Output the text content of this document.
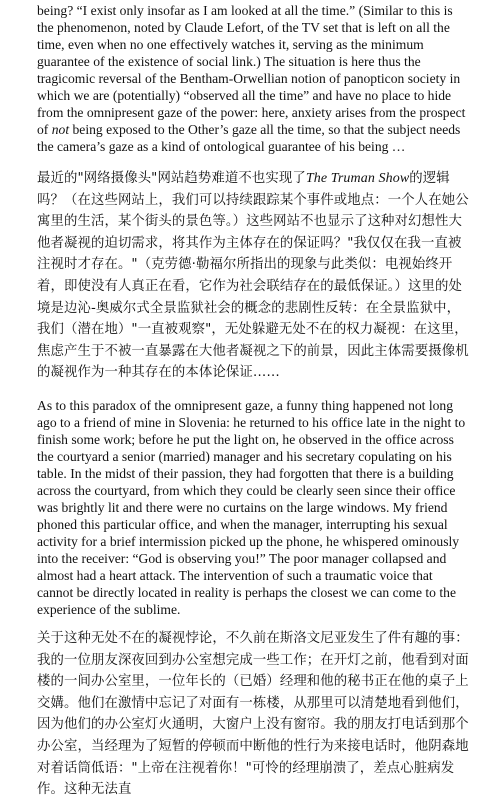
being? “I exist only insofar as I am looked at all the time.” (Similar to this is the phenomenon, noted by Claude Lefort, of the TV set that is left on all the time, even when no one effectively watches it, serving as the minimum guarantee of the existence of social link.) The situation is here thus the tragicomic reversal of the Bentham-Orwellian notion of panopticon society in which we are (potentially) “observed all the time” and have no place to hide from the omnipresent gaze of the power: here, anxiety arises from the prospect of not being exposed to the Other’s gaze all the time, so that the subject needs the camera’s gaze as a kind of ontological guarantee of his being …

最近的"网络摄像头"网站趋势难道不也实现了The Truman Show的逻辑吗？（在这些网站上，我们可以持续跟踪某个事件或地点：一个人在她公寓里的生活，某个街头的景色等。）这些网站不也显示了这种对幻想性大他者凝视的迫切需求，将其作为主体存在的保证吗？"我仅仅在我一直被注视时才存在。"（克劳德·勒福尔所指出的现象与此类似：电视始终开着，即使没有人真正在看，它作为社会联结存在的最低保证。）这里的处境是边沁-奥威尔式全景监狱社会的概念的悲剧性反转：在全景监狱中，我们（潜在地）"一直被观察"，无处躲避无处不在的权力凝视：在这里，焦虑产生于不被一直暴露在大他者凝视之下的前景，因此主体需要摄像机的凝视作为一种其存在的本体论保证……

As to this paradox of the omnipresent gaze, a funny thing happened not long ago to a friend of mine in Slovenia: he returned to his office late in the night to finish some work; before he put the light on, he observed in the office across the courtyard a senior (married) manager and his secretary copulating on his table. In the midst of their passion, they had forgotten that there is a building across the courtyard, from which they could be clearly seen since their office was brightly lit and there were no curtains on the large windows. My friend phoned this particular office, and when the manager, interrupting his sexual activity for a brief intermission picked up the phone, he whispered ominously into the receiver: “God is observing you!” The poor manager collapsed and almost had a heart attack. The intervention of such a traumatic voice that cannot be directly located in reality is perhaps the closest we can come to the experience of the sublime.

关于这种无处不在的凝视悖论，不久前在斯洛文尼亚发生了件有趣的事：我的一位朋友深夜回到办公室想完成一些工作；在开灯之前，他看到对面楼的一间办公室里，一位年长的（已婚）经理和他的秘书正在他的桌子上交媾。他们在激情中忘记了对面有一栋楼，从那里可以清楚地看到他们，因为他们的办公室灯火通明，大窗户上没有窗帘。我的朋友打电话到那个办公室，当经理为了短暂的停顿而中断他的性行为来接电话时，他阴森地对着话筒低语："上帝在注视着你！"可怜的经理崩溃了，差点心脏病发作。这种无法直
